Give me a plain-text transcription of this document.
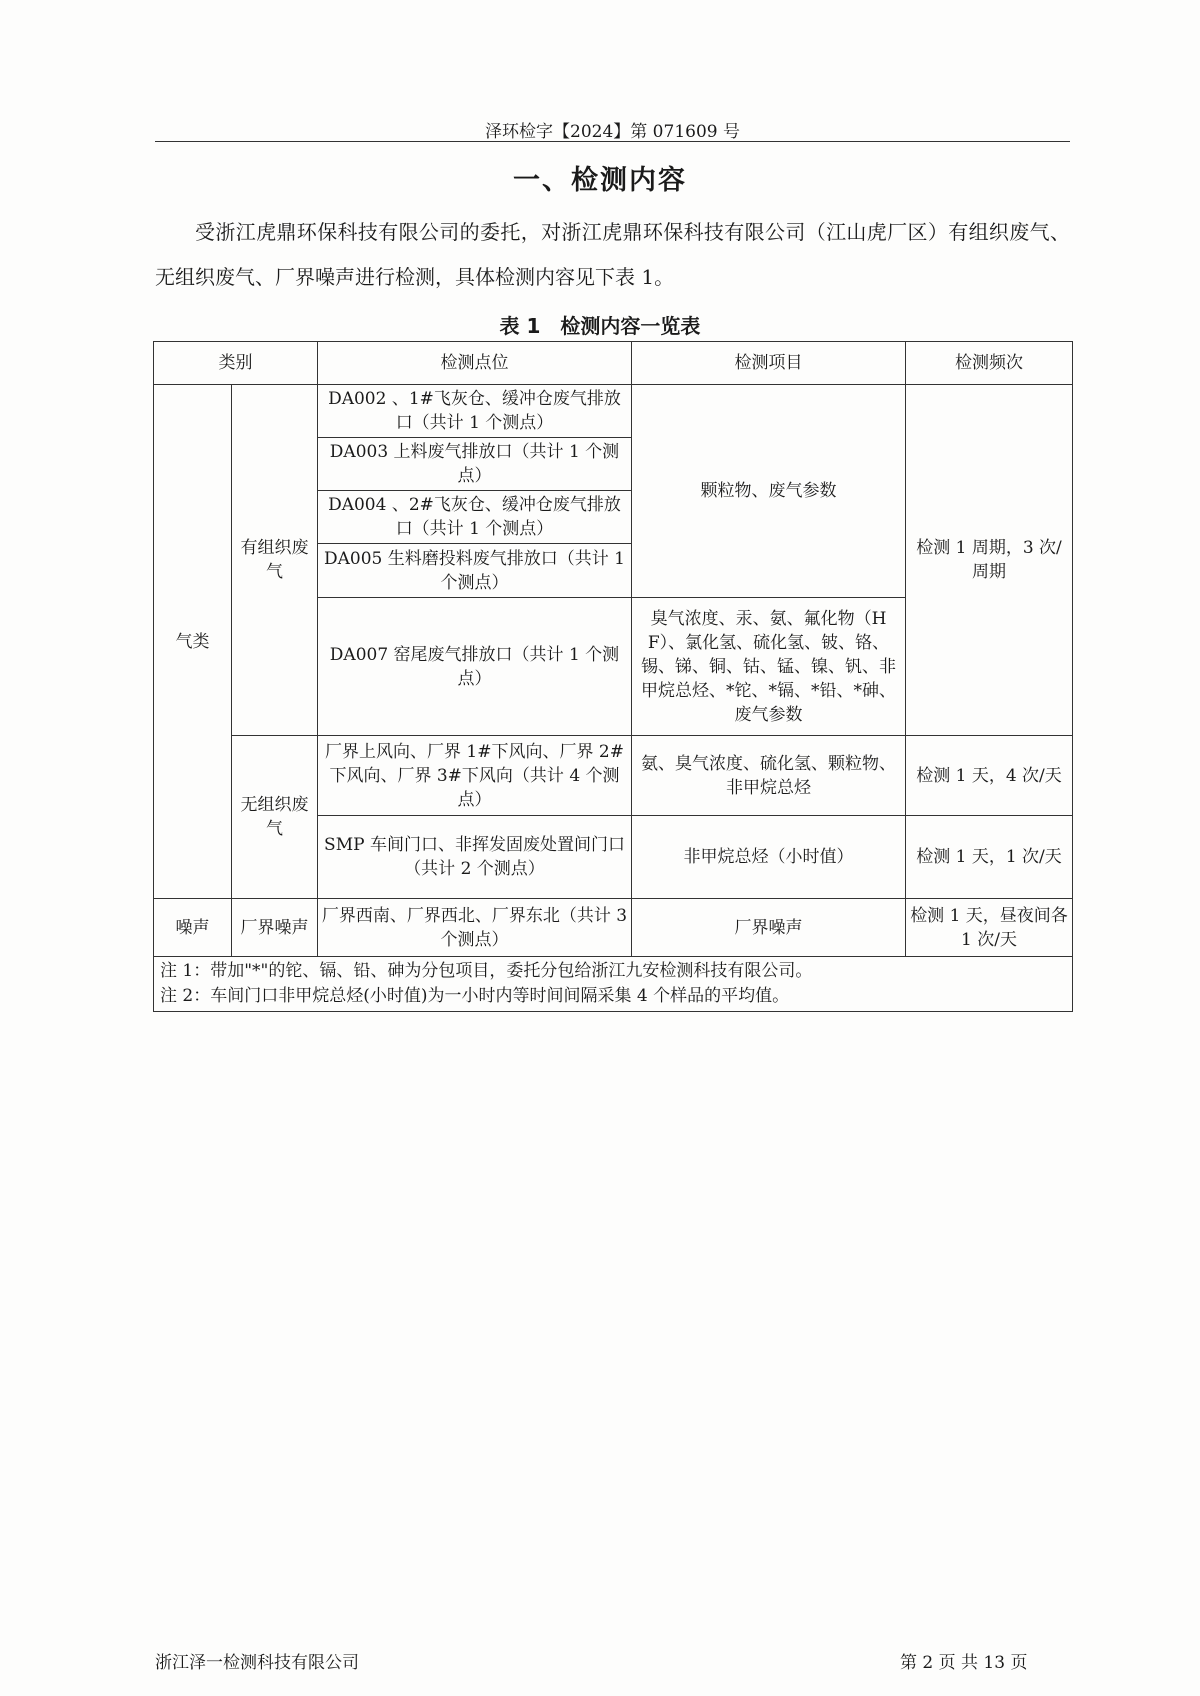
泽环检字【2024】第 071609 号
一、检测内容

受浙江虎鼎环保科技有限公司的委托，对浙江虎鼎环保科技有限公司（江山虎厂区）有组织废气、无组织废气、厂界噪声进行检测，具体检测内容见下表 1。

表 1　检测内容一览表
类别		检测点位	检测项目	检测频次
气类	有组织废气	DA002 、1#飞灰仓、缓冲仓废气排放口（共计 1 个测点）	颗粒物、废气参数	检测 1 周期，3 次/周期
		DA003 上料废气排放口（共计 1 个测点）		
		DA004 、2#飞灰仓、缓冲仓废气排放口（共计 1 个测点）		
		DA005 生料磨投料废气排放口（共计 1 个测点）		
		DA007 窑尾废气排放口（共计 1 个测点）	臭气浓度、汞、氨、氟化物（HF）、氯化氢、硫化氢、铍、铬、锡、锑、铜、钴、锰、镍、钒、非甲烷总烃、*铊、*镉、*铅、*砷、废气参数	
	无组织废气	厂界上风向、厂界 1#下风向、厂界 2#下风向、厂界 3#下风向（共计 4 个测点）	氨、臭气浓度、硫化氢、颗粒物、非甲烷总烃	检测 1 天，4 次/天
		SMP 车间门口、非挥发固废处置间门口（共计 2 个测点）	非甲烷总烃（小时值）	检测 1 天，1 次/天
噪声	厂界噪声	厂界西南、厂界西北、厂界东北（共计 3 个测点）	厂界噪声	检测 1 天，昼夜间各 1 次/天

注 1：带加"*"的铊、镉、铅、砷为分包项目，委托分包给浙江九安检测科技有限公司。
注 2：车间门口非甲烷总烃(小时值)为一小时内等时间间隔采集 4 个样品的平均值。				
浙江泽一检测科技有限公司	第 2 页 共 13 页
